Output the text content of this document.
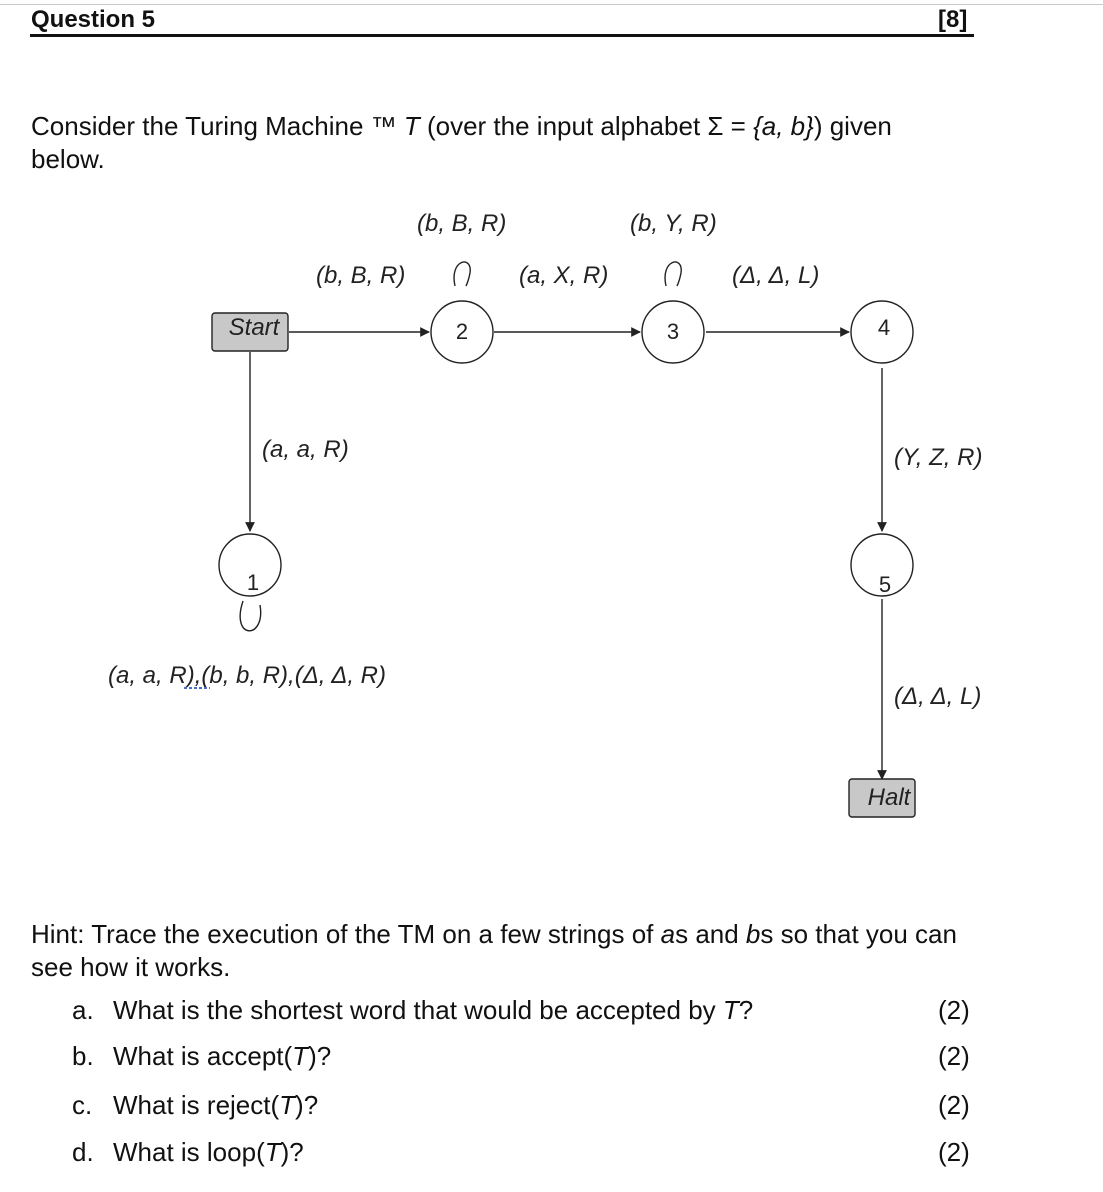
Question 5	[8]
Consider the Turing Machine ™ T (over the input alphabet Σ = {a, b}) given
below.
Start
Halt
2	3	4
1	5
(b, B, R)
(b, B, R)
(a, X, R)
(b, Y, R)
(Δ, Δ, L)
(a, a, R)	(Y, Z, R)
(Δ, Δ, L)
(a, a, R),(b, b, R),(Δ, Δ, R)
Hint: Trace the execution of the TM on a few strings of as and bs so that you can
see how it works.
a. What is the shortest word that would be accepted by T?	(2)
b. What is accept(T)?	(2)
c. What is reject(T)?	(2)
d. What is loop(T)?	(2)
